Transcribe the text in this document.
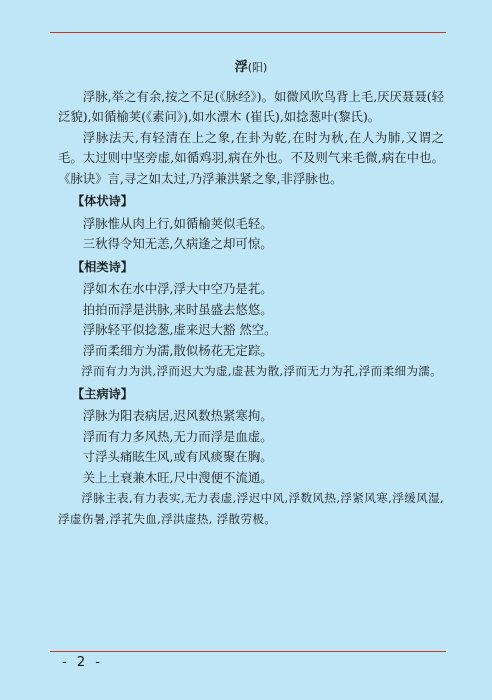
浮(阳)

浮脉,举之有余,按之不足(《脉经》)。如微风吹鸟背上毛,厌厌聂聂(轻泛貌),如循榆荚(《素问》),如水漂木 (崔氏),如捻葱叶(黎氏)。

浮脉法天,有轻清在上之象,在卦为乾,在时为秋,在人为肺,又谓之毛。太过则中坚旁虚,如循鸡羽,病在外也。不及则气来毛微,病在中也。《脉诀》言,寻之如太过,乃浮兼洪紧之象,非浮脉也。

【体状诗】

浮脉惟从肉上行,如循榆荚似毛轻。

三秋得令知无恙,久病逢之却可惊。

【相类诗】

浮如木在水中浮,浮大中空乃是芤。

拍拍而浮是洪脉,来时虽盛去悠悠。

浮脉轻平似捻葱,虚来迟大豁 然空。

浮而柔细方为濡,散似杨花无定踪。

浮而有力为洪,浮而迟大为虚,虚甚为散,浮而无力为芤,浮而柔细为濡。

【主病诗】

浮脉为阳表病居,迟风数热紧寒拘。

浮而有力多风热,无力而浮是血虚。

寸浮头痛眩生风,或有风痰聚在胸。

关上土衰兼木旺,尺中溲便不流通。

浮脉主表,有力表实,无力表虚,浮迟中风,浮数风热,浮紧风寒,浮缓风湿,浮虚伤暑,浮芤失血,浮洪虚热, 浮散劳极。

- 2 -
